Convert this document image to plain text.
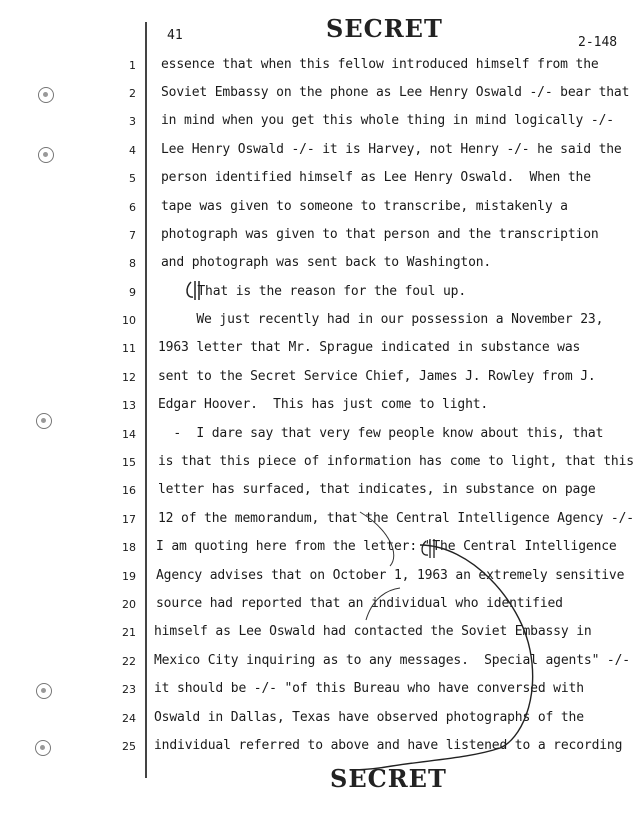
SECRET
41	2-148
1
2
3
4
5
6
7
8
9
10
11
12
13
14
15
16
17
18
19
20
21
22
23
24
25
essence that when this fellow introduced himself from the
Soviet Embassy on the phone as Lee Henry Oswald -/- bear that
in mind when you get this whole thing in mind logically -/-
Lee Henry Oswald -/- it is Harvey, not Henry -/- he said the
person identified himself as Lee Henry Oswald.  When the
tape was given to someone to transcribe, mistakenly a
photograph was given to that person and the transcription
and photograph was sent back to Washington.
That is the reason for the foul up.
We just recently had in our possession a November 23,
1963 letter that Mr. Sprague indicated in substance was
sent to the Secret Service Chief, James J. Rowley from J.
Edgar Hoover.  This has just come to light.
-  I dare say that very few people know about this, that
is that this piece of information has come to light, that this
letter has surfaced, that indicates, in substance on page
12 of the memorandum, that the Central Intelligence Agency -/-
I am quoting here from the letter: "The Central Intelligence
Agency advises that on October 1, 1963 an extremely sensitive
source had reported that an individual who identified
himself as Lee Oswald had contacted the Soviet Embassy in
Mexico City inquiring as to any messages.  Special agents" -/-
it should be -/- "of this Bureau who have conversed with
Oswald in Dallas, Texas have observed photographs of the
individual referred to above and have listened to a recording
SECRET
